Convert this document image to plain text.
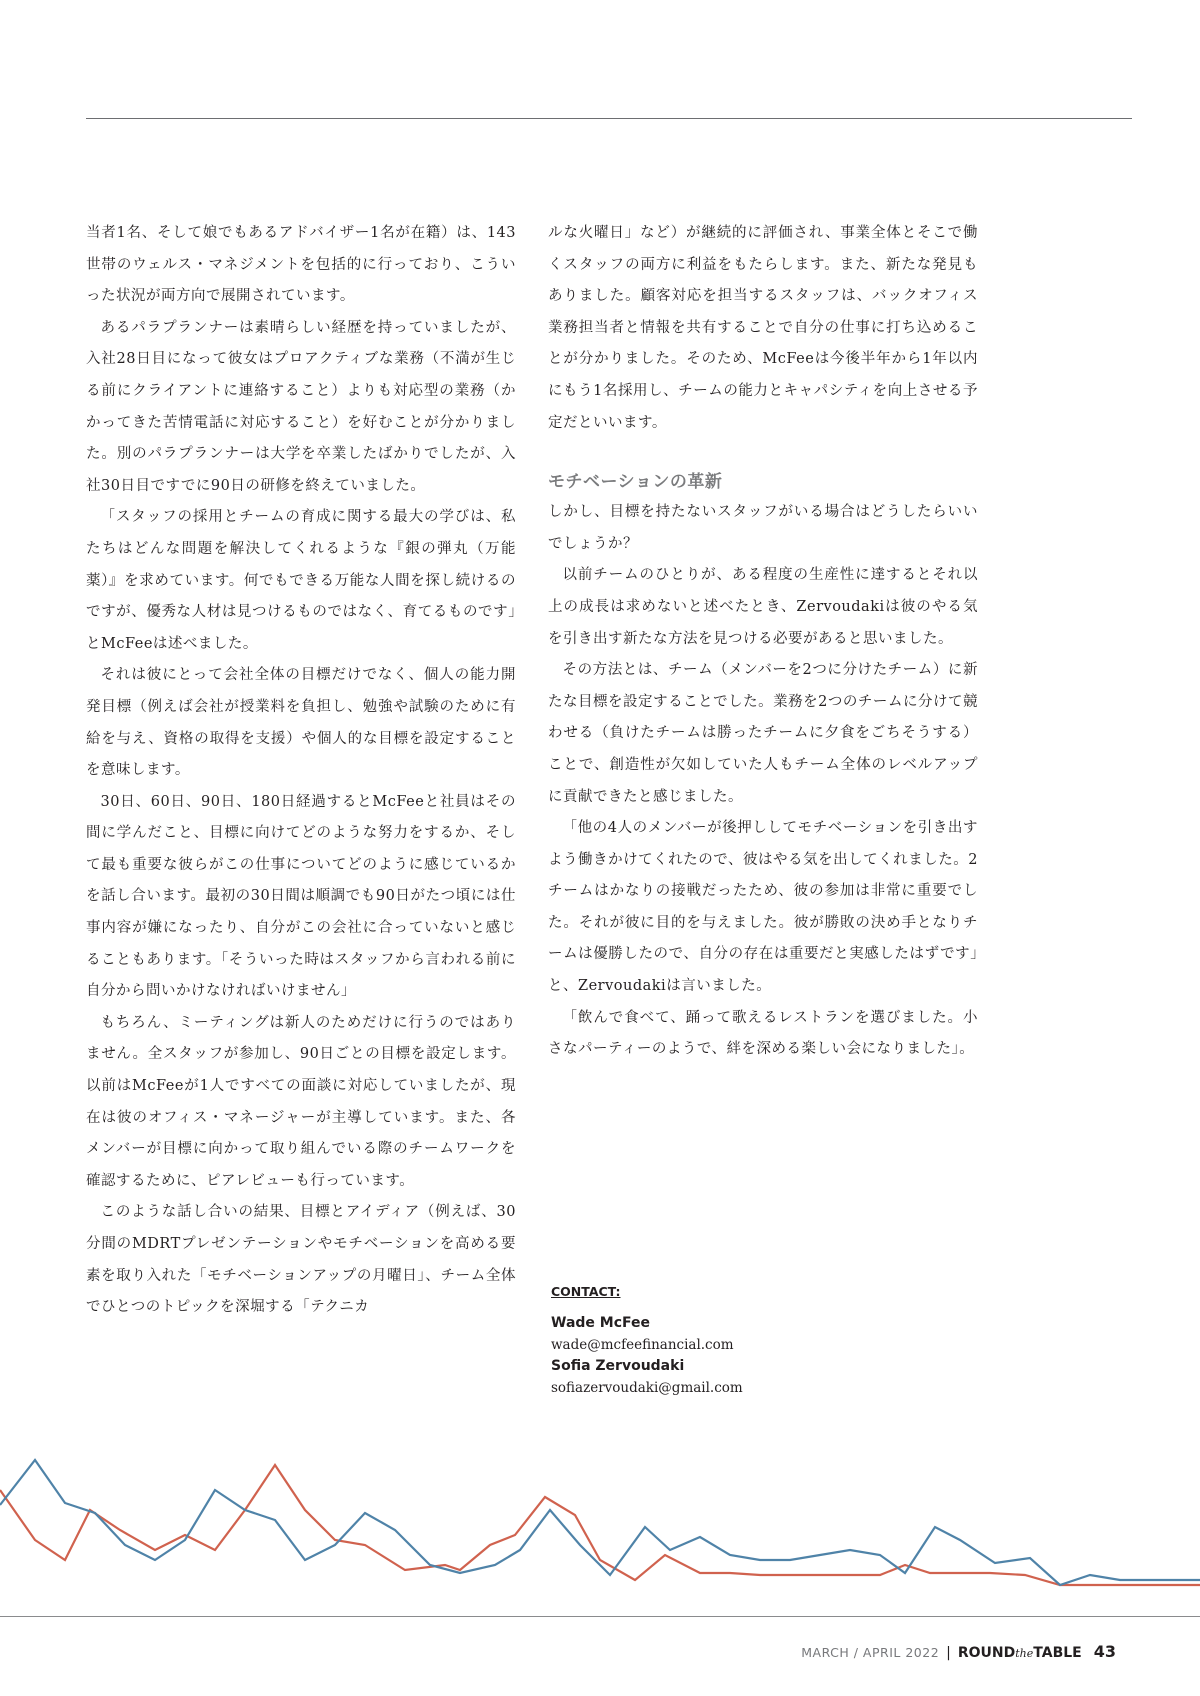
当者1名、そして娘でもあるアドバイザー1名が在籍）は、143世帯のウェルス・マネジメントを包括的に行っており、こういった状況が両方向で展開されています。

あるパラプランナーは素晴らしい経歴を持っていましたが、入社28日目になって彼女はプロアクティブな業務（不満が生じる前にクライアントに連絡すること）よりも対応型の業務（かかってきた苦情電話に対応すること）を好むことが分かりました。別のパラプランナーは大学を卒業したばかりでしたが、入社30日目ですでに90日の研修を終えていました。

「スタッフの採用とチームの育成に関する最大の学びは、私たちはどんな問題を解決してくれるような『銀の弾丸（万能薬）』を求めています。何でもできる万能な人間を探し続けるのですが、優秀な人材は見つけるものではなく、育てるものです」とMcFeeは述べました。

それは彼にとって会社全体の目標だけでなく、個人の能力開発目標（例えば会社が授業料を負担し、勉強や試験のために有給を与え、資格の取得を支援）や個人的な目標を設定することを意味します。

30日、60日、90日、180日経過するとMcFeeと社員はその間に学んだこと、目標に向けてどのような努力をするか、そして最も重要な彼らがこの仕事についてどのように感じているかを話し合います。最初の30日間は順調でも90日がたつ頃には仕事内容が嫌になったり、自分がこの会社に合っていないと感じることもあります。「そういった時はスタッフから言われる前に自分から問いかけなければいけません」

もちろん、ミーティングは新人のためだけに行うのではありません。全スタッフが参加し、90日ごとの目標を設定します。以前はMcFeeが1人ですべての面談に対応していましたが、現在は彼のオフィス・マネージャーが主導しています。また、各メンバーが目標に向かって取り組んでいる際のチームワークを確認するために、ピアレビューも行っています。

このような話し合いの結果、目標とアイディア（例えば、30分間のMDRTプレゼンテーションやモチベーションを高める要素を取り入れた「モチベーションアップの月曜日」、チーム全体でひとつのトピックを深堀する「テクニカ

ルな火曜日」など）が継続的に評価され、事業全体とそこで働くスタッフの両方に利益をもたらします。また、新たな発見もありました。顧客対応を担当するスタッフは、バックオフィス業務担当者と情報を共有することで自分の仕事に打ち込めることが分かりました。そのため、McFeeは今後半年から1年以内にもう1名採用し、チームの能力とキャパシティを向上させる予定だといいます。

モチベーションの革新

しかし、目標を持たないスタッフがいる場合はどうしたらいいでしょうか？

以前チームのひとりが、ある程度の生産性に達するとそれ以上の成長は求めないと述べたとき、Zervoudakiは彼のやる気を引き出す新たな方法を見つける必要があると思いました。

その方法とは、チーム（メンバーを2つに分けたチーム）に新たな目標を設定することでした。業務を2つのチームに分けて競わせる（負けたチームは勝ったチームに夕食をごちそうする）ことで、創造性が欠如していた人もチーム全体のレベルアップに貢献できたと感じました。

「他の4人のメンバーが後押ししてモチベーションを引き出すよう働きかけてくれたので、彼はやる気を出してくれました。2チームはかなりの接戦だったため、彼の参加は非常に重要でした。それが彼に目的を与えました。彼が勝敗の決め手となりチームは優勝したので、自分の存在は重要だと実感したはずです」と、Zervoudakiは言いました。

「飲んで食べて、踊って歌えるレストランを選びました。小さなパーティーのようで、絆を深める楽しい会になりました」。

CONTACT:
Wade McFee
wade@mcfeefinancial.com
Sofia Zervoudaki
sofiazervoudaki@gmail.com
MARCH / APRIL 2022 | ROUNDtheTABLE 43
